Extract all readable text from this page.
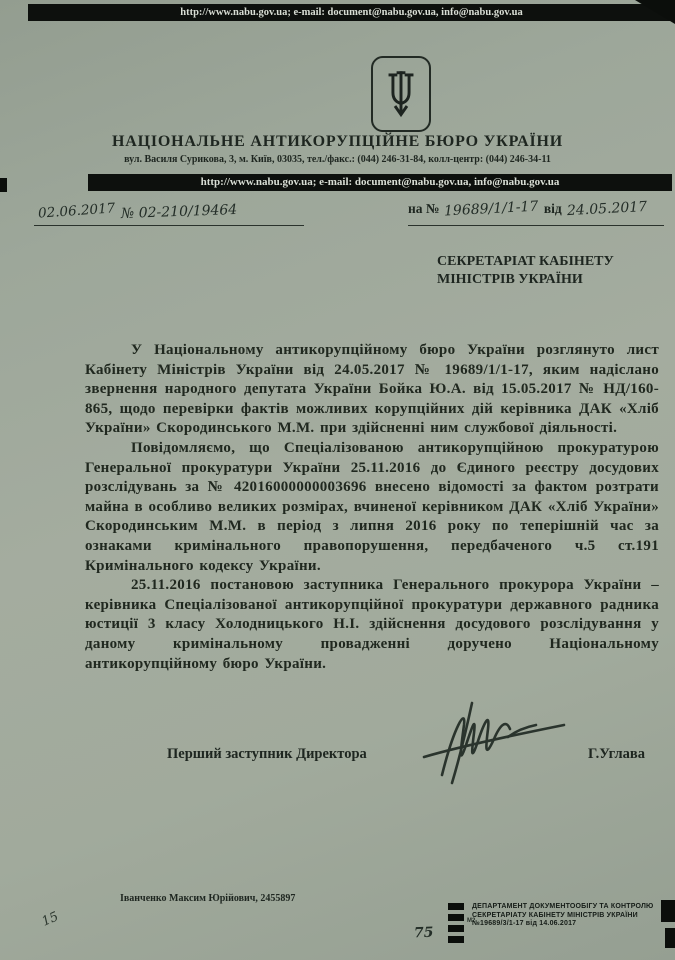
http://www.nabu.gov.ua; e-mail: document@nabu.gov.ua, info@nabu.gov.ua
НАЦІОНАЛЬНЕ АНТИКОРУПЦІЙНЕ БЮРО УКРАЇНИ
вул. Василя Сурикова, 3, м. Київ, 03035, тел./факс.: (044) 246-31-84, колл-центр: (044) 246-34-11
http://www.nabu.gov.ua; e-mail: document@nabu.gov.ua, info@nabu.gov.ua
02.06.2017 № 02-210/19464	на № 19689/1/1-17 від 24.05.2017
СЕКРЕТАРІАТ КАБІНЕТУ
МІНІСТРІВ УКРАЇНИ

У Національному антикорупційному бюро України розглянуто лист Кабінету Міністрів України від 24.05.2017 № 19689/1/1-17, яким надіслано звернення народного депутата України Бойка Ю.А. від 15.05.2017 № НД/160-865, щодо перевірки фактів можливих корупційних дій керівника ДАК «Хліб України» Скородинського М.М. при здійсненні ним службової діяльності.

Повідомляємо, що Спеціалізованою антикорупційною прокуратурою Генеральної прокуратури України 25.11.2016 до Єдиного реєстру досудових розслідувань за № 42016000000003696 внесено відомості за фактом розтрати майна в особливо великих розмірах, вчиненої керівником ДАК «Хліб України» Скородинським М.М. в період з липня 2016 року по теперішній час за ознаками кримінального правопорушення, передбаченого ч.5 ст.191 Кримінального кодексу України.

25.11.2016 постановою заступника Генерального прокурора України – керівника Спеціалізованої антикорупційної прокуратури державного радника юстиції 3 класу Холодницького Н.І. здійснення досудового розслідування у даному кримінальному провадженні доручено Національному антикорупційному бюро України.

Перший заступник Директора	Г.Углава
Іванченко Максим Юрійович, 2455897
15
75
М2
ДЕПАРТАМЕНТ ДОКУМЕНТООБІГУ ТА КОНТРОЛЮ
СЕКРЕТАРІАТУ КАБІНЕТУ МІНІСТРІВ УКРАЇНИ
№19689/3/1-17 від 14.06.2017
